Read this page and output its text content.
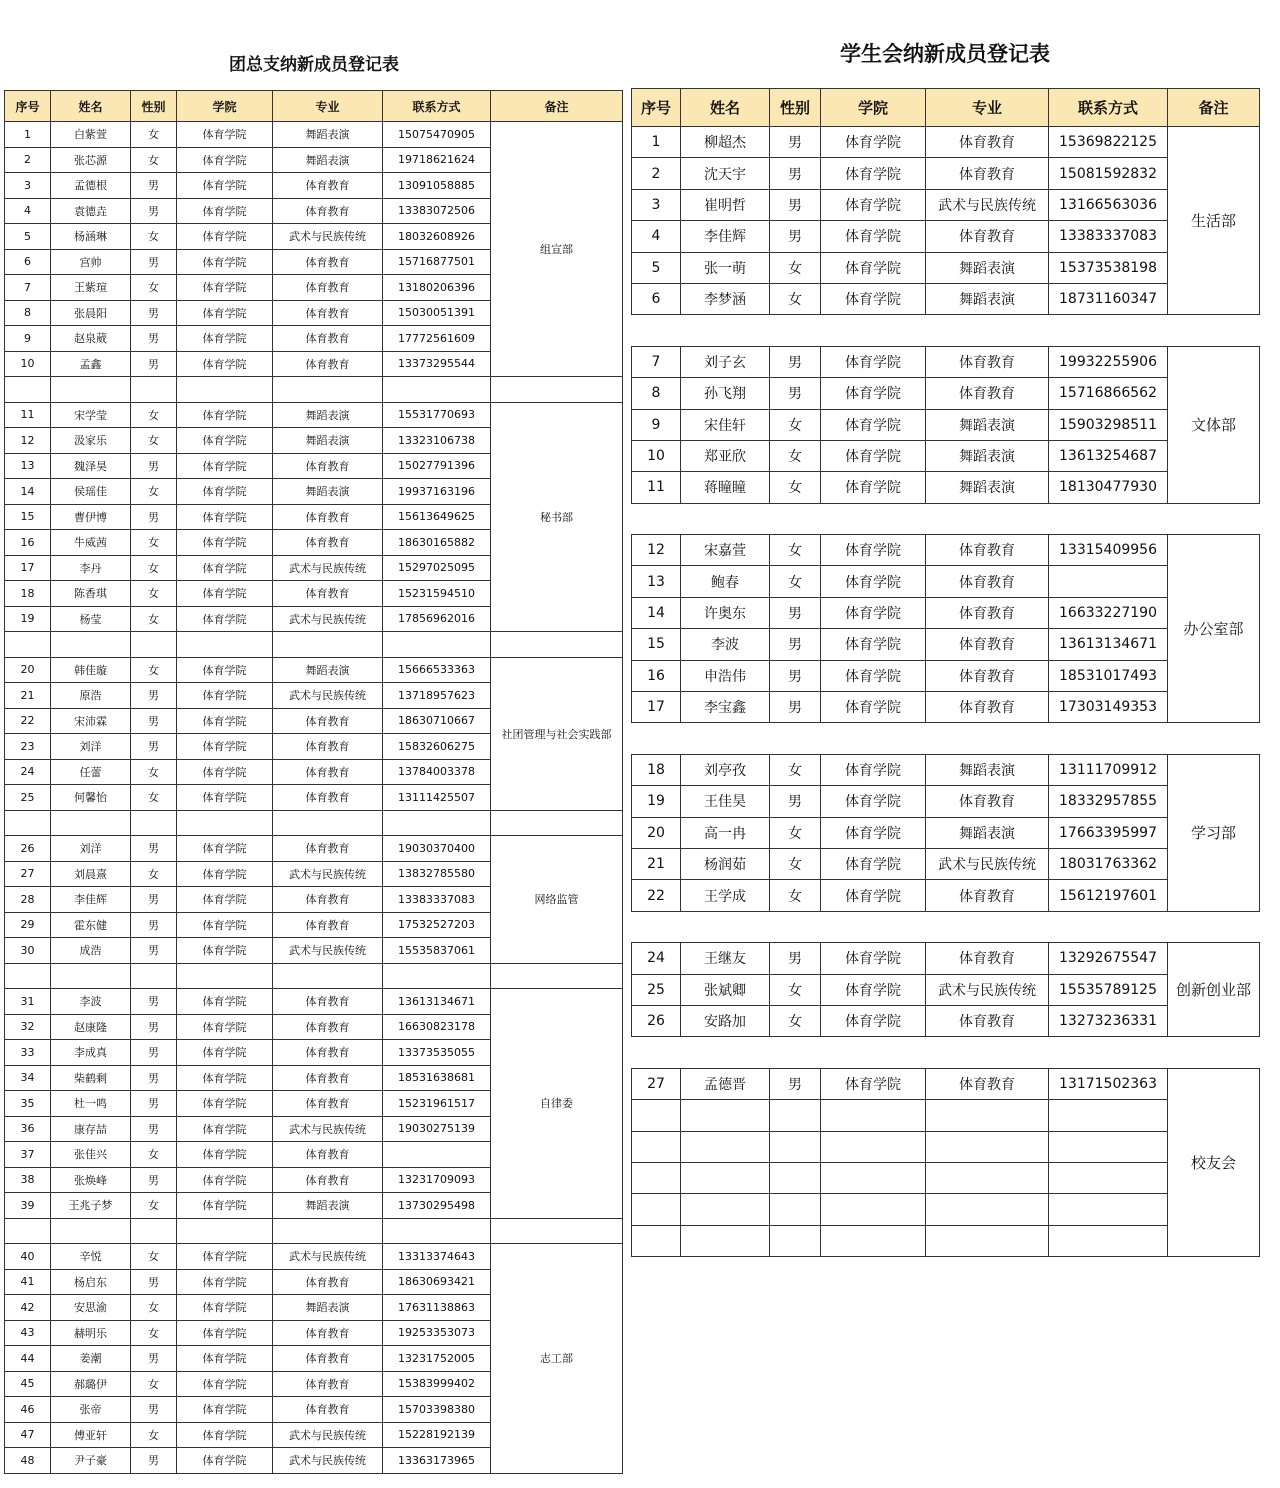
团总支纳新成员登记表
序号	姓名	性别	学院	专业	联系方式	备注
1	白紫萱	女	体育学院	舞蹈表演	15075470905	组宣部
2	张芯源	女	体育学院	舞蹈表演	19718621624	
3	孟德根	男	体育学院	体育教育	13091058885	
4	袁德垚	男	体育学院	体育教育	13383072506	
5	杨涵琳	女	体育学院	武术与民族传统	18032608926	
6	宫帅	男	体育学院	体育教育	15716877501	
7	王紫瑄	女	体育学院	体育教育	13180206396	
8	张晨阳	男	体育学院	体育教育	15030051391	
9	赵泉葳	男	体育学院	体育教育	17772561609	
10	孟鑫	男	体育学院	体育教育	13373295544	

11	宋学莹	女	体育学院	舞蹈表演	15531770693	秘书部
12	汲家乐	女	体育学院	舞蹈表演	13323106738	
13	魏泽昊	男	体育学院	体育教育	15027791396	
14	侯瑶佳	女	体育学院	舞蹈表演	19937163196	
15	曹伊博	男	体育学院	体育教育	15613649625	
16	牛威茜	女	体育学院	体育教育	18630165882	
17	李丹	女	体育学院	武术与民族传统	15297025095	
18	陈香琪	女	体育学院	体育教育	15231594510	
19	杨莹	女	体育学院	武术与民族传统	17856962016	

20	韩佳璇	女	体育学院	舞蹈表演	15666533363	社团管理与社会实践部
21	原浩	男	体育学院	武术与民族传统	13718957623	
22	宋沛霖	男	体育学院	体育教育	18630710667	
23	刘洋	男	体育学院	体育教育	15832606275	
24	任蕾	女	体育学院	体育教育	13784003378	
25	何馨怡	女	体育学院	体育教育	13111425507	

26	刘洋	男	体育学院	体育教育	19030370400	网络监管
27	刘晨熹	女	体育学院	武术与民族传统	13832785580	
28	李佳辉	男	体育学院	体育教育	13383337083	
29	霍东健	男	体育学院	体育教育	17532527203	
30	成浩	男	体育学院	武术与民族传统	15535837061	

31	李波	男	体育学院	体育教育	13613134671	自律委
32	赵康隆	男	体育学院	体育教育	16630823178	
33	李成真	男	体育学院	体育教育	13373535055	
34	柴鹤剩	男	体育学院	体育教育	18531638681	
35	杜一鸣	男	体育学院	体育教育	15231961517	
36	康存喆	男	体育学院	武术与民族传统	19030275139	
37	张佳兴	女	体育学院	体育教育		
38	张焕峰	男	体育学院	体育教育	13231709093	
39	王兆子梦	女	体育学院	舞蹈表演	13730295498	

40	辛悦	女	体育学院	武术与民族传统	13313374643	志工部
41	杨启东	男	体育学院	体育教育	18630693421	
42	安思渝	女	体育学院	舞蹈表演	17631138863	
43	赫明乐	女	体育学院	体育教育	19253353073	
44	姜潮	男	体育学院	体育教育	13231752005	
45	郝璐伊	女	体育学院	体育教育	15383999402	
46	张帝	男	体育学院	体育教育	15703398380	
47	傅亚轩	女	体育学院	武术与民族传统	15228192139	
48	尹子豪	男	体育学院	武术与民族传统	13363173965	
学生会纳新成员登记表
序号	姓名	性别	学院	专业	联系方式	备注
1	柳超杰	男	体育学院	体育教育	15369822125	生活部
2	沈天宇	男	体育学院	体育教育	15081592832	
3	崔明哲	男	体育学院	武术与民族传统	13166563036	
4	李佳辉	男	体育学院	体育教育	13383337083	
5	张一萌	女	体育学院	舞蹈表演	15373538198	
6	李梦涵	女	体育学院	舞蹈表演	18731160347	

7	刘子玄	男	体育学院	体育教育	19932255906	文体部
8	孙飞翔	男	体育学院	体育教育	15716866562	
9	宋佳轩	女	体育学院	舞蹈表演	15903298511	
10	郑亚欣	女	体育学院	舞蹈表演	13613254687	
11	蒋瞳瞳	女	体育学院	舞蹈表演	18130477930	

12	宋嘉萱	女	体育学院	体育教育	13315409956	办公室部
13	鲍春	女	体育学院	体育教育		
14	许奥东	男	体育学院	体育教育	16633227190	
15	李波	男	体育学院	体育教育	13613134671	
16	申浩伟	男	体育学院	体育教育	18531017493	
17	李宝鑫	男	体育学院	体育教育	17303149353	

18	刘亭孜	女	体育学院	舞蹈表演	13111709912	学习部
19	王佳昊	男	体育学院	体育教育	18332957855	
20	高一冉	女	体育学院	舞蹈表演	17663395997	
21	杨润茹	女	体育学院	武术与民族传统	18031763362	
22	王学成	女	体育学院	体育教育	15612197601	

24	王继友	男	体育学院	体育教育	13292675547	创新创业部
25	张斌卿	女	体育学院	武术与民族传统	15535789125	
26	安路加	女	体育学院	体育教育	13273236331	

27	孟德晋	男	体育学院	体育教育	13171502363	校友会
